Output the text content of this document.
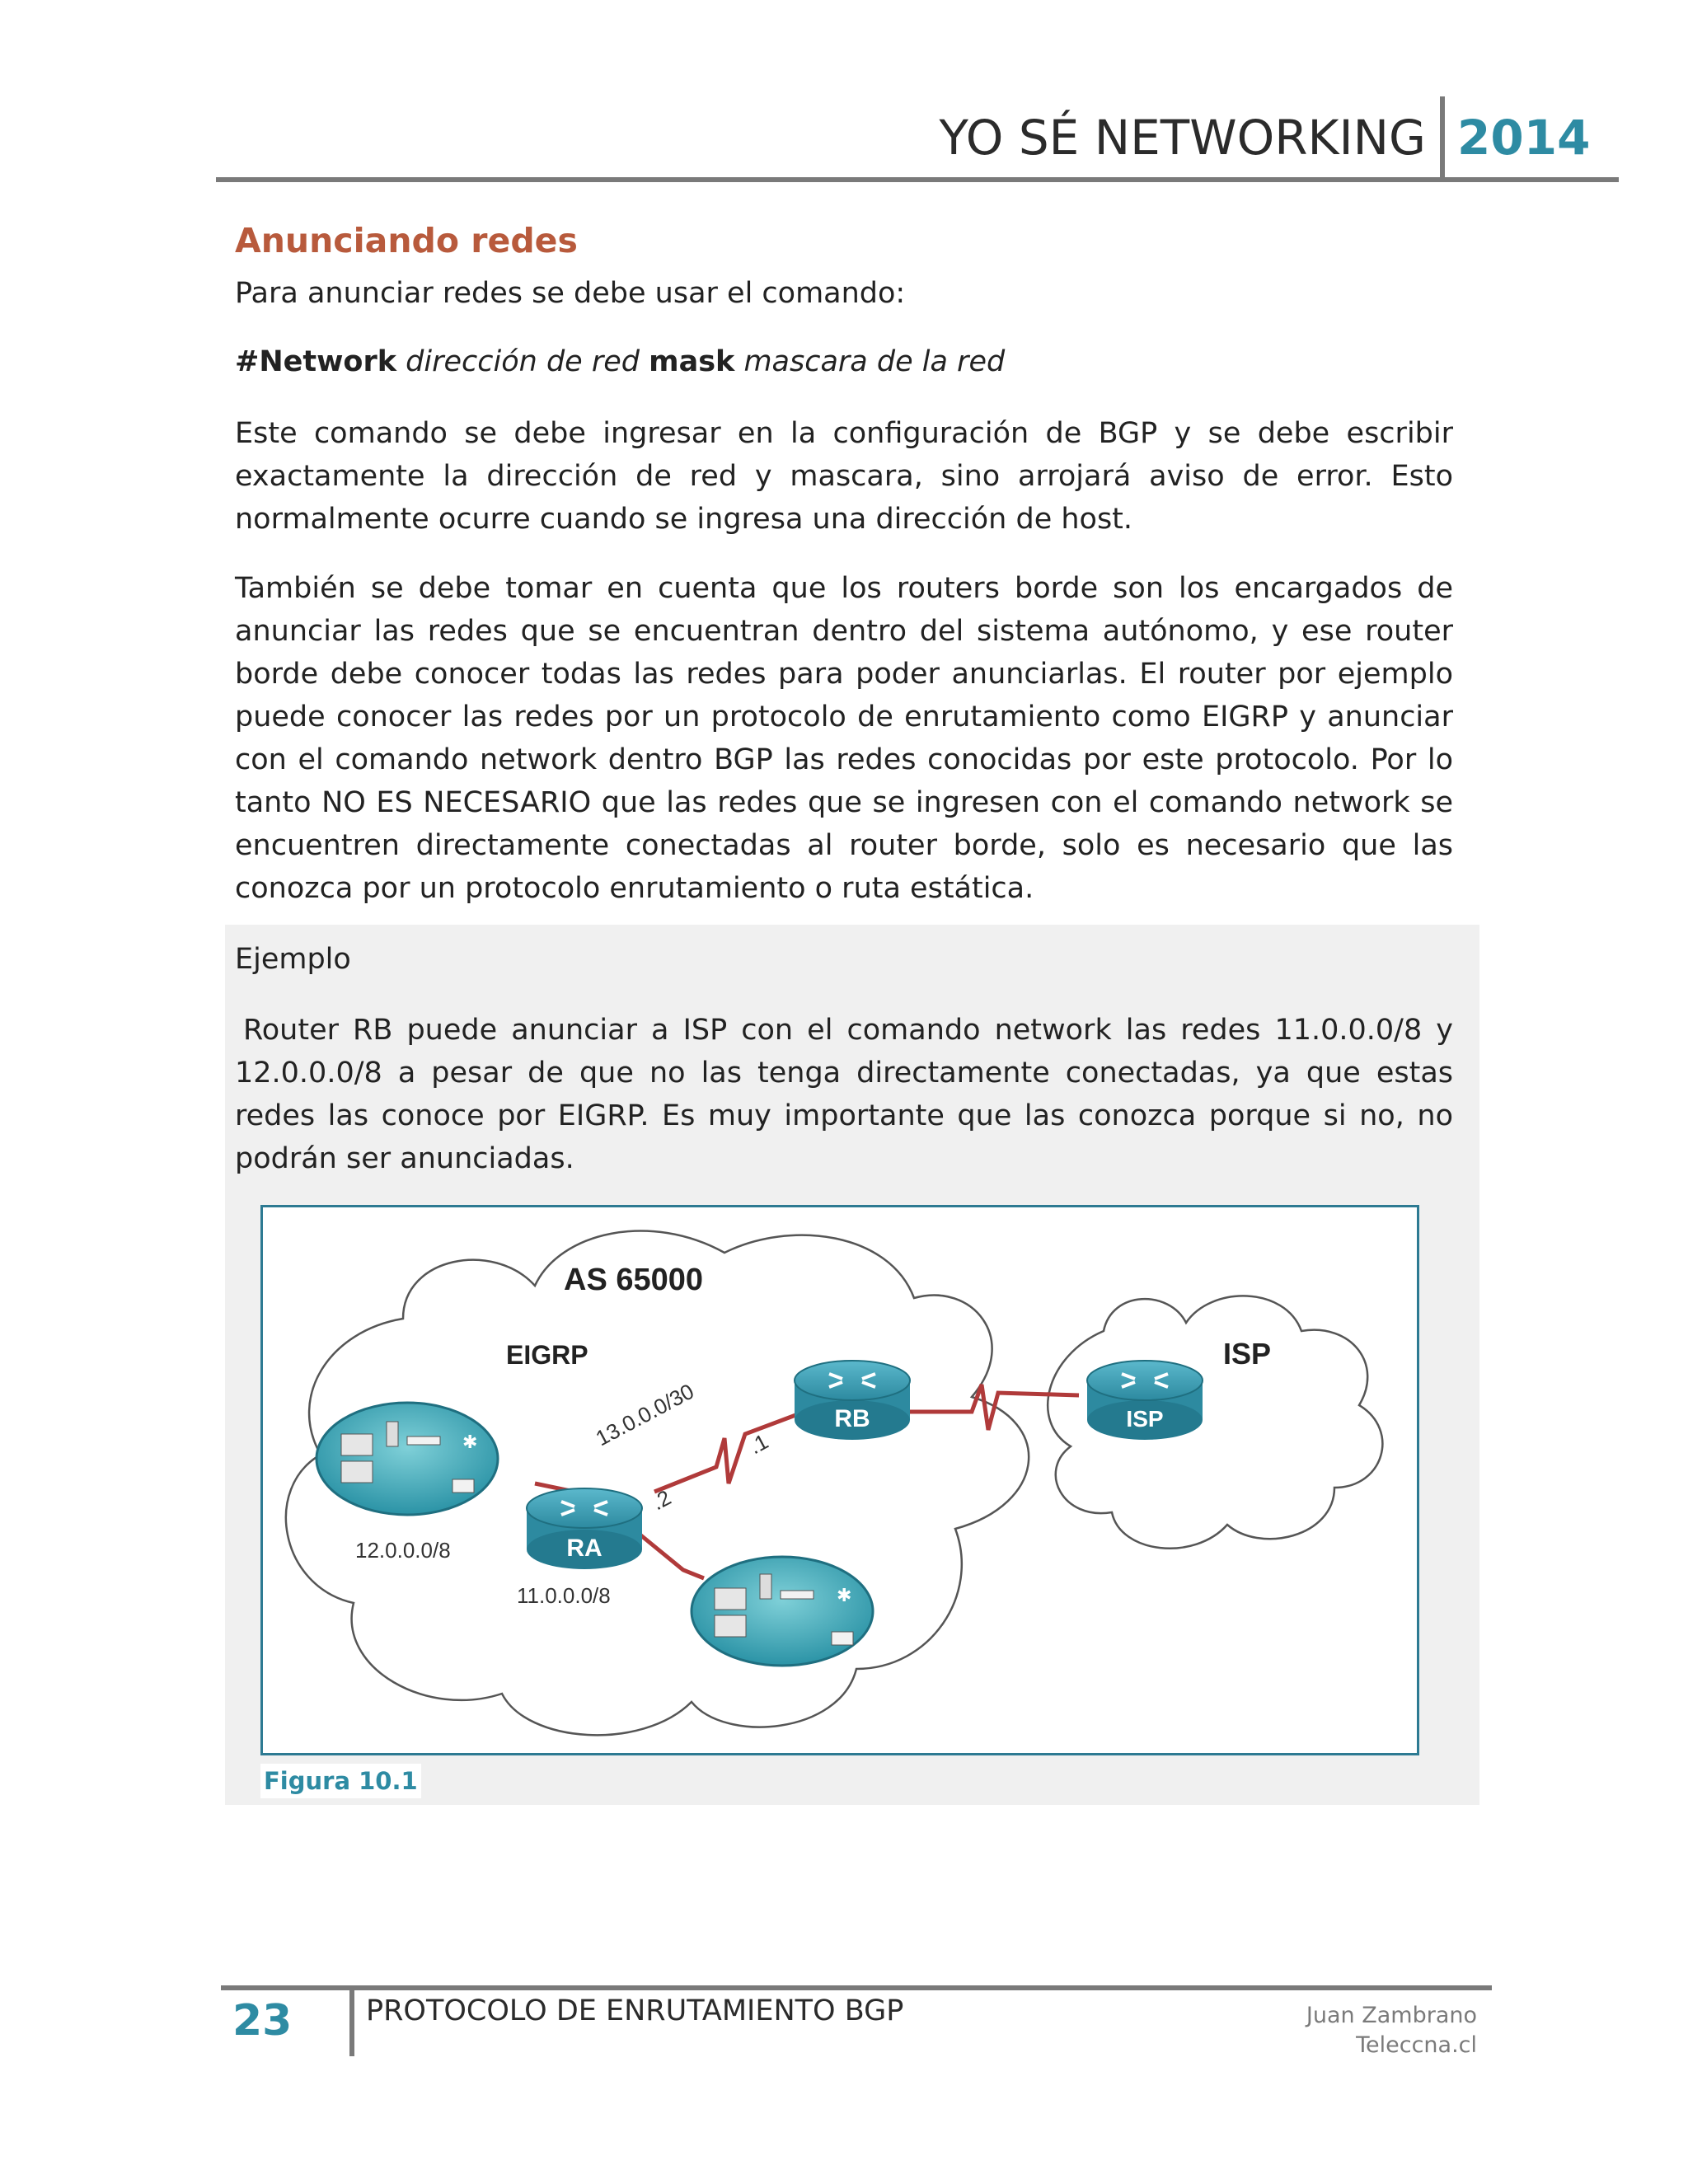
YO SÉ NETWORKING 2014
Anunciando redes
Para anunciar redes se debe usar el comando:
#Network dirección de red mask mascara de la red
Este comando se debe ingresar en la configuración de BGP y se debe escribir exactamente la dirección de red y mascara, sino arrojará aviso de error. Esto normalmente ocurre cuando se ingresa una dirección de host.
También se debe tomar en cuenta que los routers borde son los encargados de anunciar las redes que se encuentran dentro del sistema autónomo, y ese router borde debe conocer todas las redes para poder anunciarlas. El router por ejemplo puede conocer las redes por un protocolo de enrutamiento como EIGRP y anunciar con el comando network dentro BGP las redes conocidas por este protocolo. Por lo tanto NO ES NECESARIO que las redes que se ingresen con el comando network se encuentren directamente conectadas al router borde, solo es necesario que las conozca por un protocolo enrutamiento o ruta estática.
Ejemplo
Router RB puede anunciar a ISP con el comando network las redes 11.0.0.0/8 y 12.0.0.0/8 a pesar de que no las tenga directamente conectadas, ya que estas redes las conoce por EIGRP. Es muy importante que las conozca porque si no, no podrán ser anunciadas.
✱
✱
RA
RB	ISP
AS 65000
EIGRP	ISP
13.0.0.0/30
.2
.1
12.0.0.0/8
11.0.0.0/8
Figura 10.1
23	PROTOCOLO DE ENRUTAMIENTO BGP	Juan Zambrano
Teleccna.cl
